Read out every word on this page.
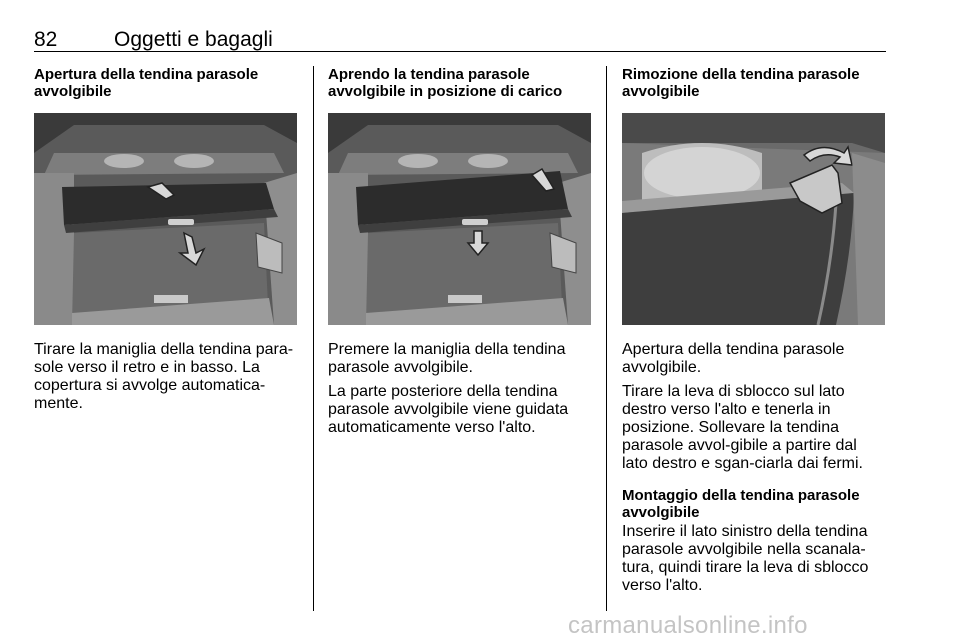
82	Oggetti e bagagli
Apertura della tendina parasole avvolgibile

Tirare la maniglia della tendina para-sole verso il retro e in basso. La copertura si avvolge automatica-mente.

Aprendo la tendina parasole avvolgibile in posizione di carico

Premere la maniglia della tendina parasole avvolgibile.

La parte posteriore della tendina parasole avvolgibile viene guidata automaticamente verso l'alto.

Rimozione della tendina parasole avvolgibile

Apertura della tendina parasole avvolgibile.

Tirare la leva di sblocco sul lato destro verso l'alto e tenerla in posizione. Sollevare la tendina parasole avvol-gibile a partire dal lato destro e sgan-ciarla dai fermi.

Montaggio della tendina parasole avvolgibile

Inserire il lato sinistro della tendina parasole avvolgibile nella scanala-tura, quindi tirare la leva di sblocco verso l'alto.

carmanualsonline.info
